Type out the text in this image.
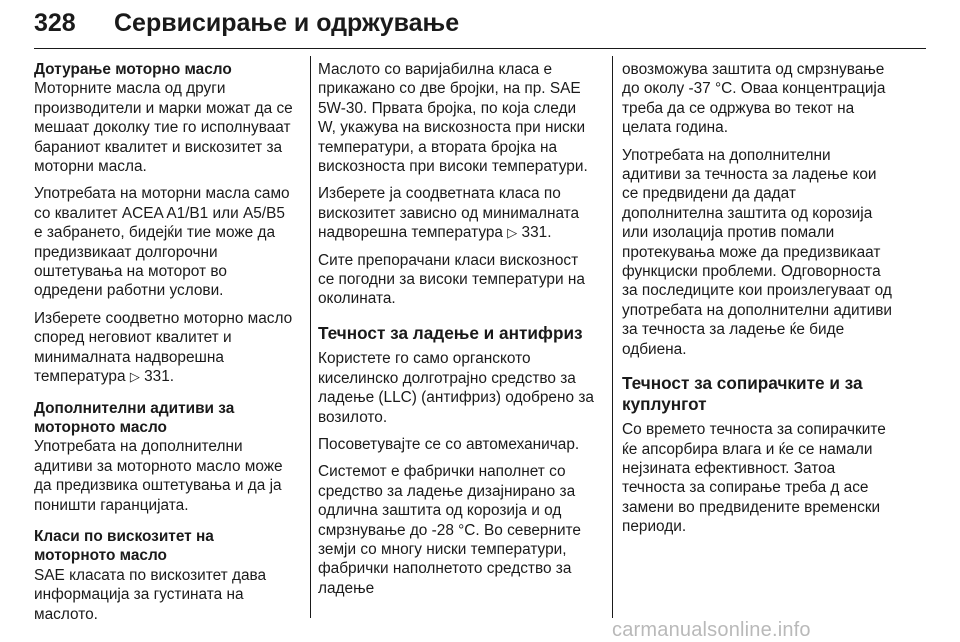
328 Сервисирање и одржување
Дотурање моторно масло

Моторните масла од други производители и марки можат да се мешаат доколку тие го исполнуваат бараниот квалитет и вискозитет за моторни масла.

Употребата на моторни масла само со квалитет ACEA A1/B1 или A5/B5 е забрането, бидејќи тие може да предизвикаат долгорочни оштетувања на моторот во одредени работни услови.

Изберете соодветно моторно масло според неговиот квалитет и минималната надворешна температура ▷ 331.

Дополнителни адитиви за моторното масло

Употребата на дополнителни адитиви за моторното масло може да предизвика оштетувања и да ја поништи гаранцијата.

Класи по вискозитет на моторното масло

SAE класата по вискозитет дава информација за густината на маслото.

Маслото со варијабилна класа е прикажано со две бројки, на пр. SAE 5W-30. Првата бројка, по која следи W, укажува на вискозноста при ниски температури, а втората бројка на вискозноста при високи температури.

Изберете ја соодветната класа по вискозитет зависно од минималната надворешна температура ▷ 331.

Сите препорачани класи вискозност се погодни за високи температури на околината.

Течност за ладење и антифриз

Користете го само органското киселинско долготрајно средство за ладење (LLC) (антифриз) одобрено за возилото.

Посоветувајте се со автомеханичар.

Системот е фабрички наполнет со средство за ладење дизајнирано за одлична заштита од корозија и од смрзнување до -28 °C. Во северните земји со многу ниски температури, фабрички наполнетото средство за ладење

овозможува заштита од смрзнување до околу -37 °C. Оваа концентрација треба да се одржува во текот на целата година.

Употребата на дополнителни адитиви за течноста за ладење кои се предвидени да дадат дополнителна заштита од корозија или изолација против помали протекувања може да предизвикаат функциски проблеми. Одговорноста за последиците кои произлегуваат од употребата на дополнителни адитиви за течноста за ладење ќе биде одбиена.

Течност за сопирачките и за куплунгот

Со времето течноста за сопирачките ќе апсорбира влага и ќе се намали нејзината ефективност. Затоа течноста за сопирање треба д асе замени во предвидените временски периоди.

carmanualsonline.info
